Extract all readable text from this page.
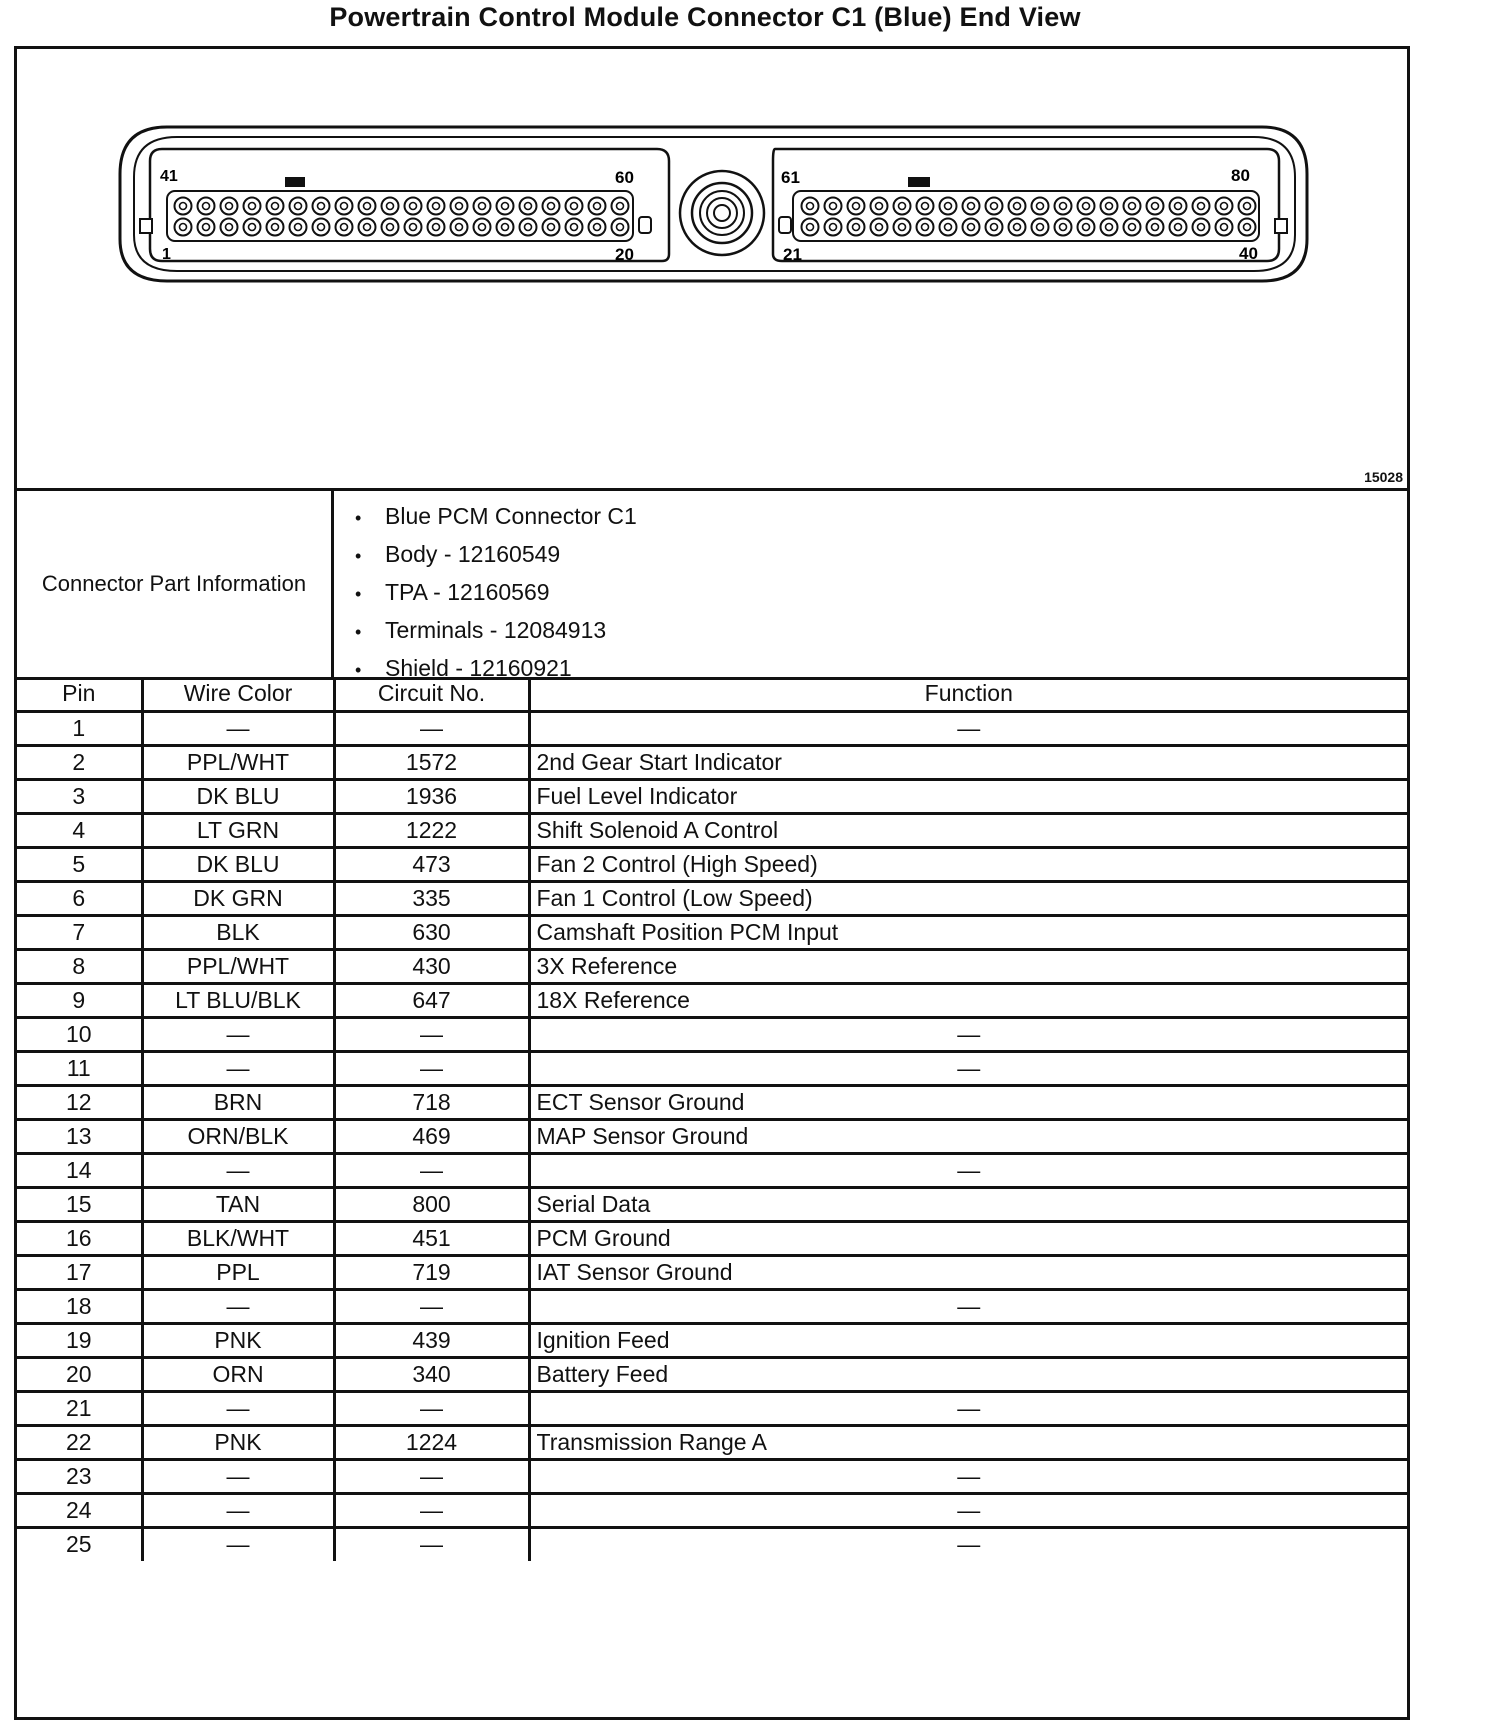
Powertrain Control Module Connector C1 (Blue) End View
41	60
1	20
61	80
21	40
15028
Connector Part Information
• Blue PCM Connector C1
• Body - 12160549
• TPA - 12160569
• Terminals - 12084913
• Shield - 12160921
Pin	Wire Color	Circuit No.	Function
1	—	—	—
2	PPL/WHT	1572	2nd Gear Start Indicator
3	DK BLU	1936	Fuel Level Indicator
4	LT GRN	1222	Shift Solenoid A Control
5	DK BLU	473	Fan 2 Control (High Speed)
6	DK GRN	335	Fan 1 Control (Low Speed)
7	BLK	630	Camshaft Position PCM Input
8	PPL/WHT	430	3X Reference
9	LT BLU/BLK	647	18X Reference
10	—	—	—
11	—	—	—
12	BRN	718	ECT Sensor Ground
13	ORN/BLK	469	MAP Sensor Ground
14	—	—	—
15	TAN	800	Serial Data
16	BLK/WHT	451	PCM Ground
17	PPL	719	IAT Sensor Ground
18	—	—	—
19	PNK	439	Ignition Feed
20	ORN	340	Battery Feed
21	—	—	—
22	PNK	1224	Transmission Range A
23	—	—	—
24	—	—	—
25	—	—	—
